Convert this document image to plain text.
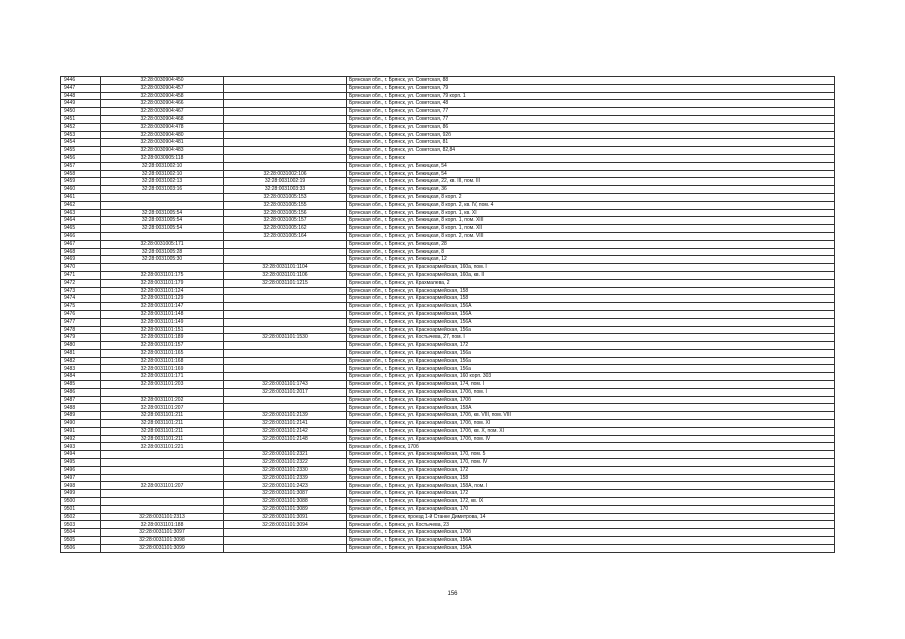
9446	32:28:0030904:450		Брянская обл., г. Брянск, ул. Советская, 88
9447	32:28:0030904:457		Брянская обл., г. Брянск, ул. Советская, 79
9448	32:28:0030904:458		Брянская обл., г. Брянск, ул. Советская, 79 корп. 1
9449	32:28:0030904:466		Брянская обл., г. Брянск, ул. Советская, 48
9450	32:28:0030904:467		Брянская обл., г. Брянск, ул. Советская, 77
9451	32:28:0030904:468		Брянская обл., г. Брянск, ул. Советская, 77
9452	32:28:0030904:478		Брянская обл., г. Брянск, ул. Советская, 86
9453	32:28:0030904:480		Брянская обл., г. Брянск, ул. Советская, 92б
9454	32:28:0030904:481		Брянская обл., г. Брянск, ул. Советская, 81
9455	32:28:0030904:483		Брянская обл., г. Брянск, ул. Советская, 82,84
9456	32:28:0030905:118		Брянская обл., г. Брянск
9457	32:28:0031002:10		Брянская обл., г. Брянск, ул. Бежицкая, 54
9458	32:28:0031002:10	32:28:0031002:106	Брянская обл., г. Брянск, ул. Бежицкая, 54
9459	32:28:0031002:13	32:28:0031002:19	Брянская обл., г. Брянск, ул. Бежицкая, 22, кв. III, пом. III
9460	32:28:0031003:16	32:28:0031003:33	Брянская обл., г. Брянск, ул. Бежицкая, 36
9461		32:28:0031005:153	Брянская обл., г. Брянск, ул. Бежицкая, 8 корп. 2
9462		32:28:0031005:155	Брянская обл., г. Брянск, ул. Бежицкая, 8 корп. 2, кв. IV, пом. 4
9463	32:28:0031005:54	32:28:0031005:156	Брянская обл., г. Брянск, ул. Бежицкая, 8 корп. 1, кв. XI
9464	32:28:0031005:54	32:28:0031005:157	Брянская обл., г. Брянск, ул. Бежицкая, 8 корп. 1, пом. XIII
9465	32:28:0031005:54	32:28:0031005:162	Брянская обл., г. Брянск, ул. Бежицкая, 8 корп. 1, пом. XII
9466		32:28:0031005:164	Брянская обл., г. Брянск, ул. Бежицкая, 8 корп. 2, пом. VIII
9467	32:28:0031005:171		Брянская обл., г. Брянск, ул. Бежицкая, 28
9468	32:28:0031005:28		Брянская обл., г. Брянск, ул. Бежицкая, 8
9469	32:28:0031005:30		Брянская обл., г. Брянск, ул. Бежицкая, 12
9470		32:28:0031101:1104	Брянская обл., г. Брянск, ул. Красноармейская, 160а, пом. I
9471	32:28:0031101:175	32:28:0031101:1106	Брянская обл., г. Брянск, ул. Красноармейская, 160а, кв. II
9472	32:28:0031101:179	32:28:0031101:1215	Брянская обл., г. Брянск, ул. Крахмалева, 2
9473	32:28:0031101:124		Брянская обл., г. Брянск, ул. Красноармейская, 158
9474	32:28:0031101:129		Брянская обл., г. Брянск, ул. Красноармейская, 158
9475	32:28:0031101:147		Брянская обл., г. Брянск, ул. Красноармейская, 156А
9476	32:28:0031101:148		Брянская обл., г. Брянск, ул. Красноармейская, 156А
9477	32:28:0031101:149		Брянская обл., г. Брянск, ул. Красноармейская, 156А
9478	32:28:0031101:151		Брянская обл., г. Брянск, ул. Красноармейская, 156а
9479	32:28:0031101:189	32:28:0031101:1530	Брянская обл., г. Брянск, ул. Костычева, 27, пом. I
9480	32:28:0031101:157		Брянская обл., г. Брянск, ул. Красноармейская, 172
9481	32:28:0031101:165		Брянская обл., г. Брянск, ул. Красноармейская, 156а
9482	32:28:0031101:168		Брянская обл., г. Брянск, ул. Красноармейская, 156а
9483	32:28:0031101:169		Брянская обл., г. Брянск, ул. Красноармейская, 156а
9484	32:28:0031101:171		Брянская обл., г. Брянск, ул. Красноармейская, 160 корп. 303
9485	32:28:0031101:203	32:28:0031101:1743	Брянская обл., г. Брянск, ул. Красноармейская, 174, пом. I
9486		32:28:0031101:2017	Брянская обл., г. Брянск, ул. Красноармейская, 170б, пом. I
9487	32:28:0031101:202		Брянская обл., г. Брянск, ул. Красноармейская, 170б
9488	32:28:0031101:207		Брянская обл., г. Брянск, ул. Красноармейская, 158А
9489	32:28:0031101:211	32:28:0031101:2139	Брянская обл., г. Брянск, ул. Красноармейская, 170б, кв. VIII, пом. VIII
9490	32:28:0031101:211	32:28:0031101:2141	Брянская обл., г. Брянск, ул. Красноармейская, 170б, пом. XI
9491	32:28:0031101:211	32:28:0031101:2142	Брянская обл., г. Брянск, ул. Красноармейская, 170б, кв. X, пом. XI
9492	32:28:0031101:211	32:28:0031101:2148	Брянская обл., г. Брянск, ул. Красноармейская, 170б, пом. IV
9493	32:28:0031101:221		Брянская обл., г. Брянск, 170б
9494		32:28:0031101:2321	Брянская обл., г. Брянск, ул. Красноармейская, 170, пом. 5
9495		32:28:0031101:2322	Брянская обл., г. Брянск, ул. Красноармейская, 170, пом. IV
9496		32:28:0031101:2330	Брянская обл., г. Брянск, ул. Красноармейская, 172
9497		32:28:0031101:2339	Брянская обл., г. Брянск, ул. Красноармейская, 158
9498	32:28:0031101:207	32:28:0031101:2423	Брянская обл., г. Брянск, ул. Красноармейская, 158А, пом. I
9499		32:28:0031101:3087	Брянская обл., г. Брянск, ул. Красноармейская, 172
9500		32:28:0031101:3088	Брянская обл., г. Брянск, ул. Красноармейская, 172, кв. IX
9501		32:28:0031101:3089	Брянская обл., г. Брянск, ул. Красноармейская, 170
9502	32:28:0031101:2313	32:28:0031101:3091	Брянская обл., г. Брянск, проезд 1-й Станке Димитрова, 14
9503	32:28:0031101:188	32:28:0031101:3094	Брянская обл., г. Брянск, ул. Костычева, 23
9504	32:28:0031101:3097		Брянская обл., г. Брянск, ул. Красноармейская, 170б
9505	32:28:0031101:3098		Брянская обл., г. Брянск, ул. Красноармейская, 156А
9506	32:28:0031101:3099		Брянская обл., г. Брянск, ул. Красноармейская, 156А
156
